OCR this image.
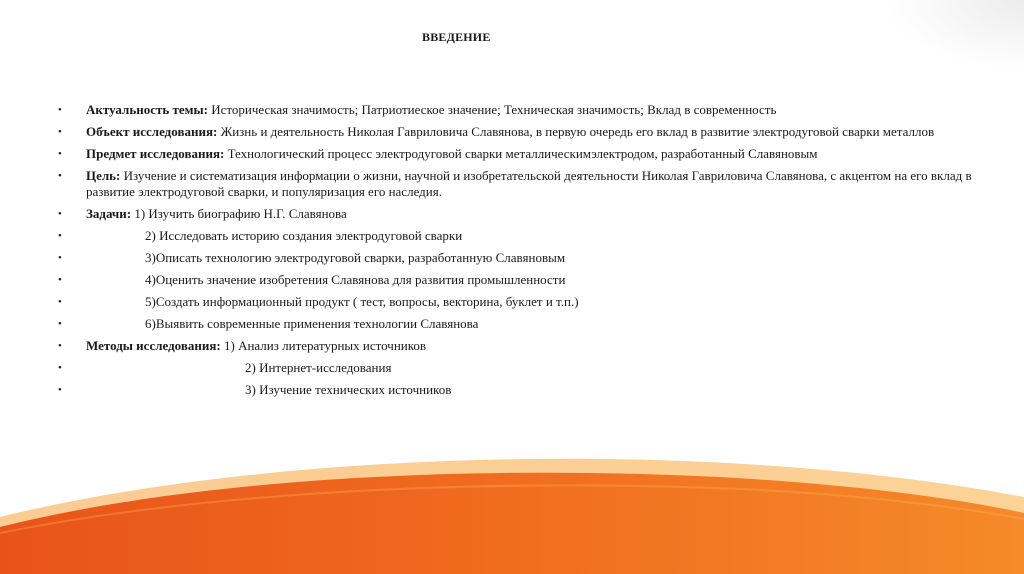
ВВЕДЕНИЕ
• Актуальность темы: Историческая значимость; Патриотиеское значение; Техническая значимость; Вклад в современность
• Объект исследования: Жизнь и деятельность Николая Гавриловича Славянова, в первую очередь его вклад в развитие электродуговой сварки металлов
• Предмет исследования: Технологический процесс электродуговой сварки металлическимэлектродом, разработанный Славяновым
• Цель: Изучение и систематизация информации о жизни, научной и изобретательской деятельности Николая Гавриловича Славянова, с акцентом на его вклад в развитие электродуговой сварки, и популяризация его наследия.
• Задачи: 1) Изучить биографию Н.Г. Славянова
•	2) Исследовать историю создания электродуговой сварки
•	3)Описать технологию электродуговой сварки, разработанную Славяновым
•	4)Оценить значение изобретения Славянова для развития промышленности
•	5)Создать информационный продукт ( тест, вопросы, векторина, буклет и т.п.)
•	6)Выявить современные применения технологии Славянова
• Методы исследования: 1) Анализ литературных источников
•	2) Интернет-исследования
•	3) Изучение технических источников
